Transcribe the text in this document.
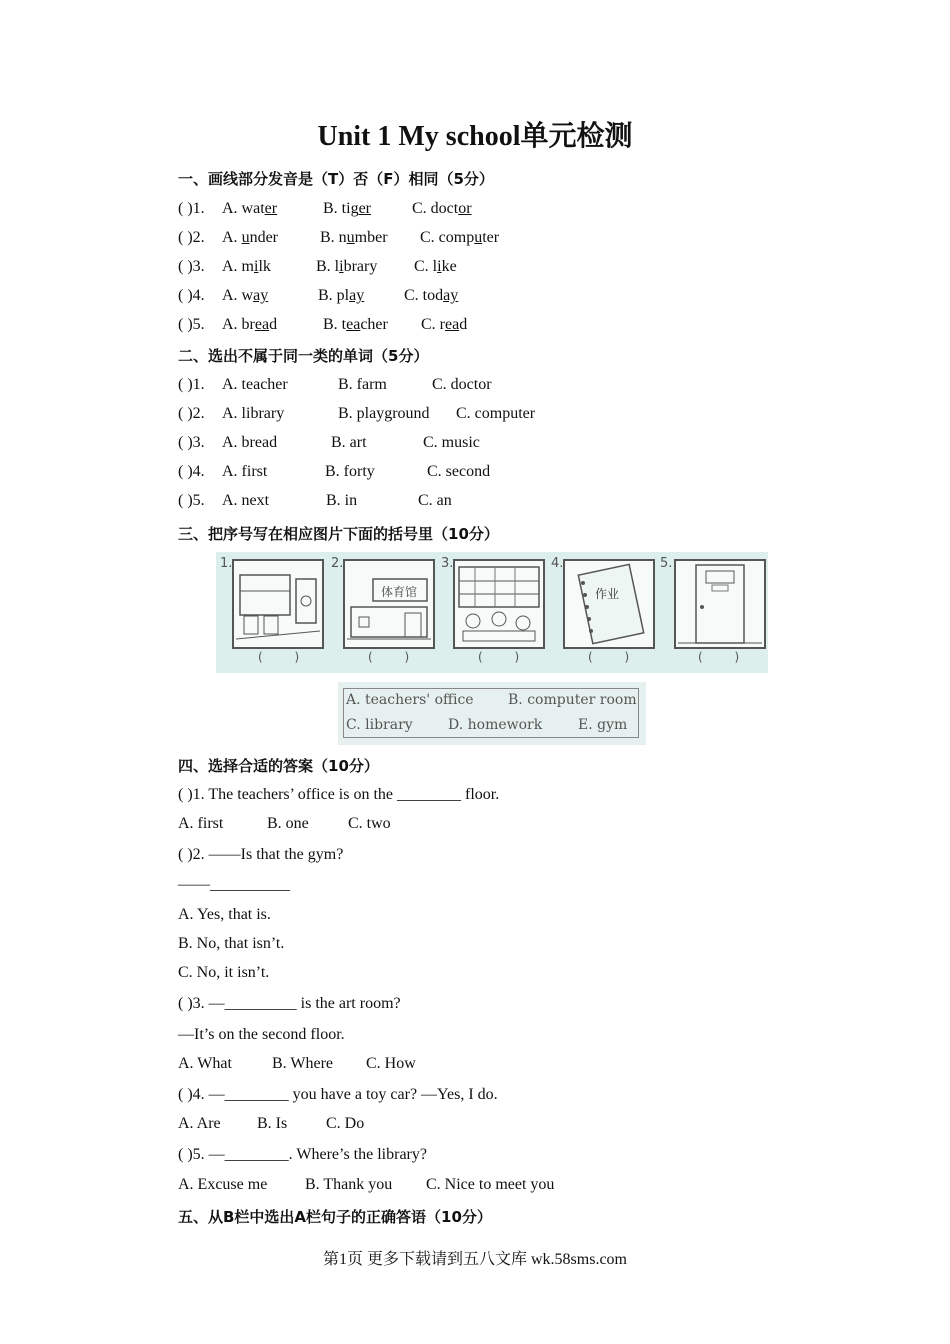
Unit 1 My school单元检测
一、画线部分发音是（T）否（F）相同（5分）
( )1. A. water	B. tiger	C. doctor
( )2. A. under	B. number C. computer
( )3. A. milk	B. library C. like
( )4. A. way	B. play C. today
( )5. A. bread	B. teacher C. read
二、选出不属于同一类的单词（5分）
( )1. A. teacher	B. farm	C. doctor
( )2. A. library	B. playground C. computer
( )3. A. bread	B. art	C. music
( )4. A. first	B. forty	C. second
( )5. A. next	B. in	C. an
三、把序号写在相应图片下面的括号里（10分）
1.
( )
2.
体育馆
( )
3.
( )
4.
作业
( )
5.
( )
A. teachers' office B. computer room
C. library	D. homework	E. gym
四、选择合适的答案（10分）
( )1. The teachers’ office is on the ________ floor.
A. first	B. one C. two
( )2. ——Is that the gym?
——__________
A. Yes, that is.
B. No, that isn’t.
C. No, it isn’t.
( )3. —_________ is the art room?
—It’s on the second floor.
A. What	B. Where C. How
( )4. —________ you have a toy car? —Yes, I do.
A. Are B. Is C. Do
( )5. —________. Where’s the library?
A. Excuse me B. Thank you C. Nice to meet you
五、从B栏中选出A栏句子的正确答语（10分）
第1页 更多下载请到五八文库 wk.58sms.com
